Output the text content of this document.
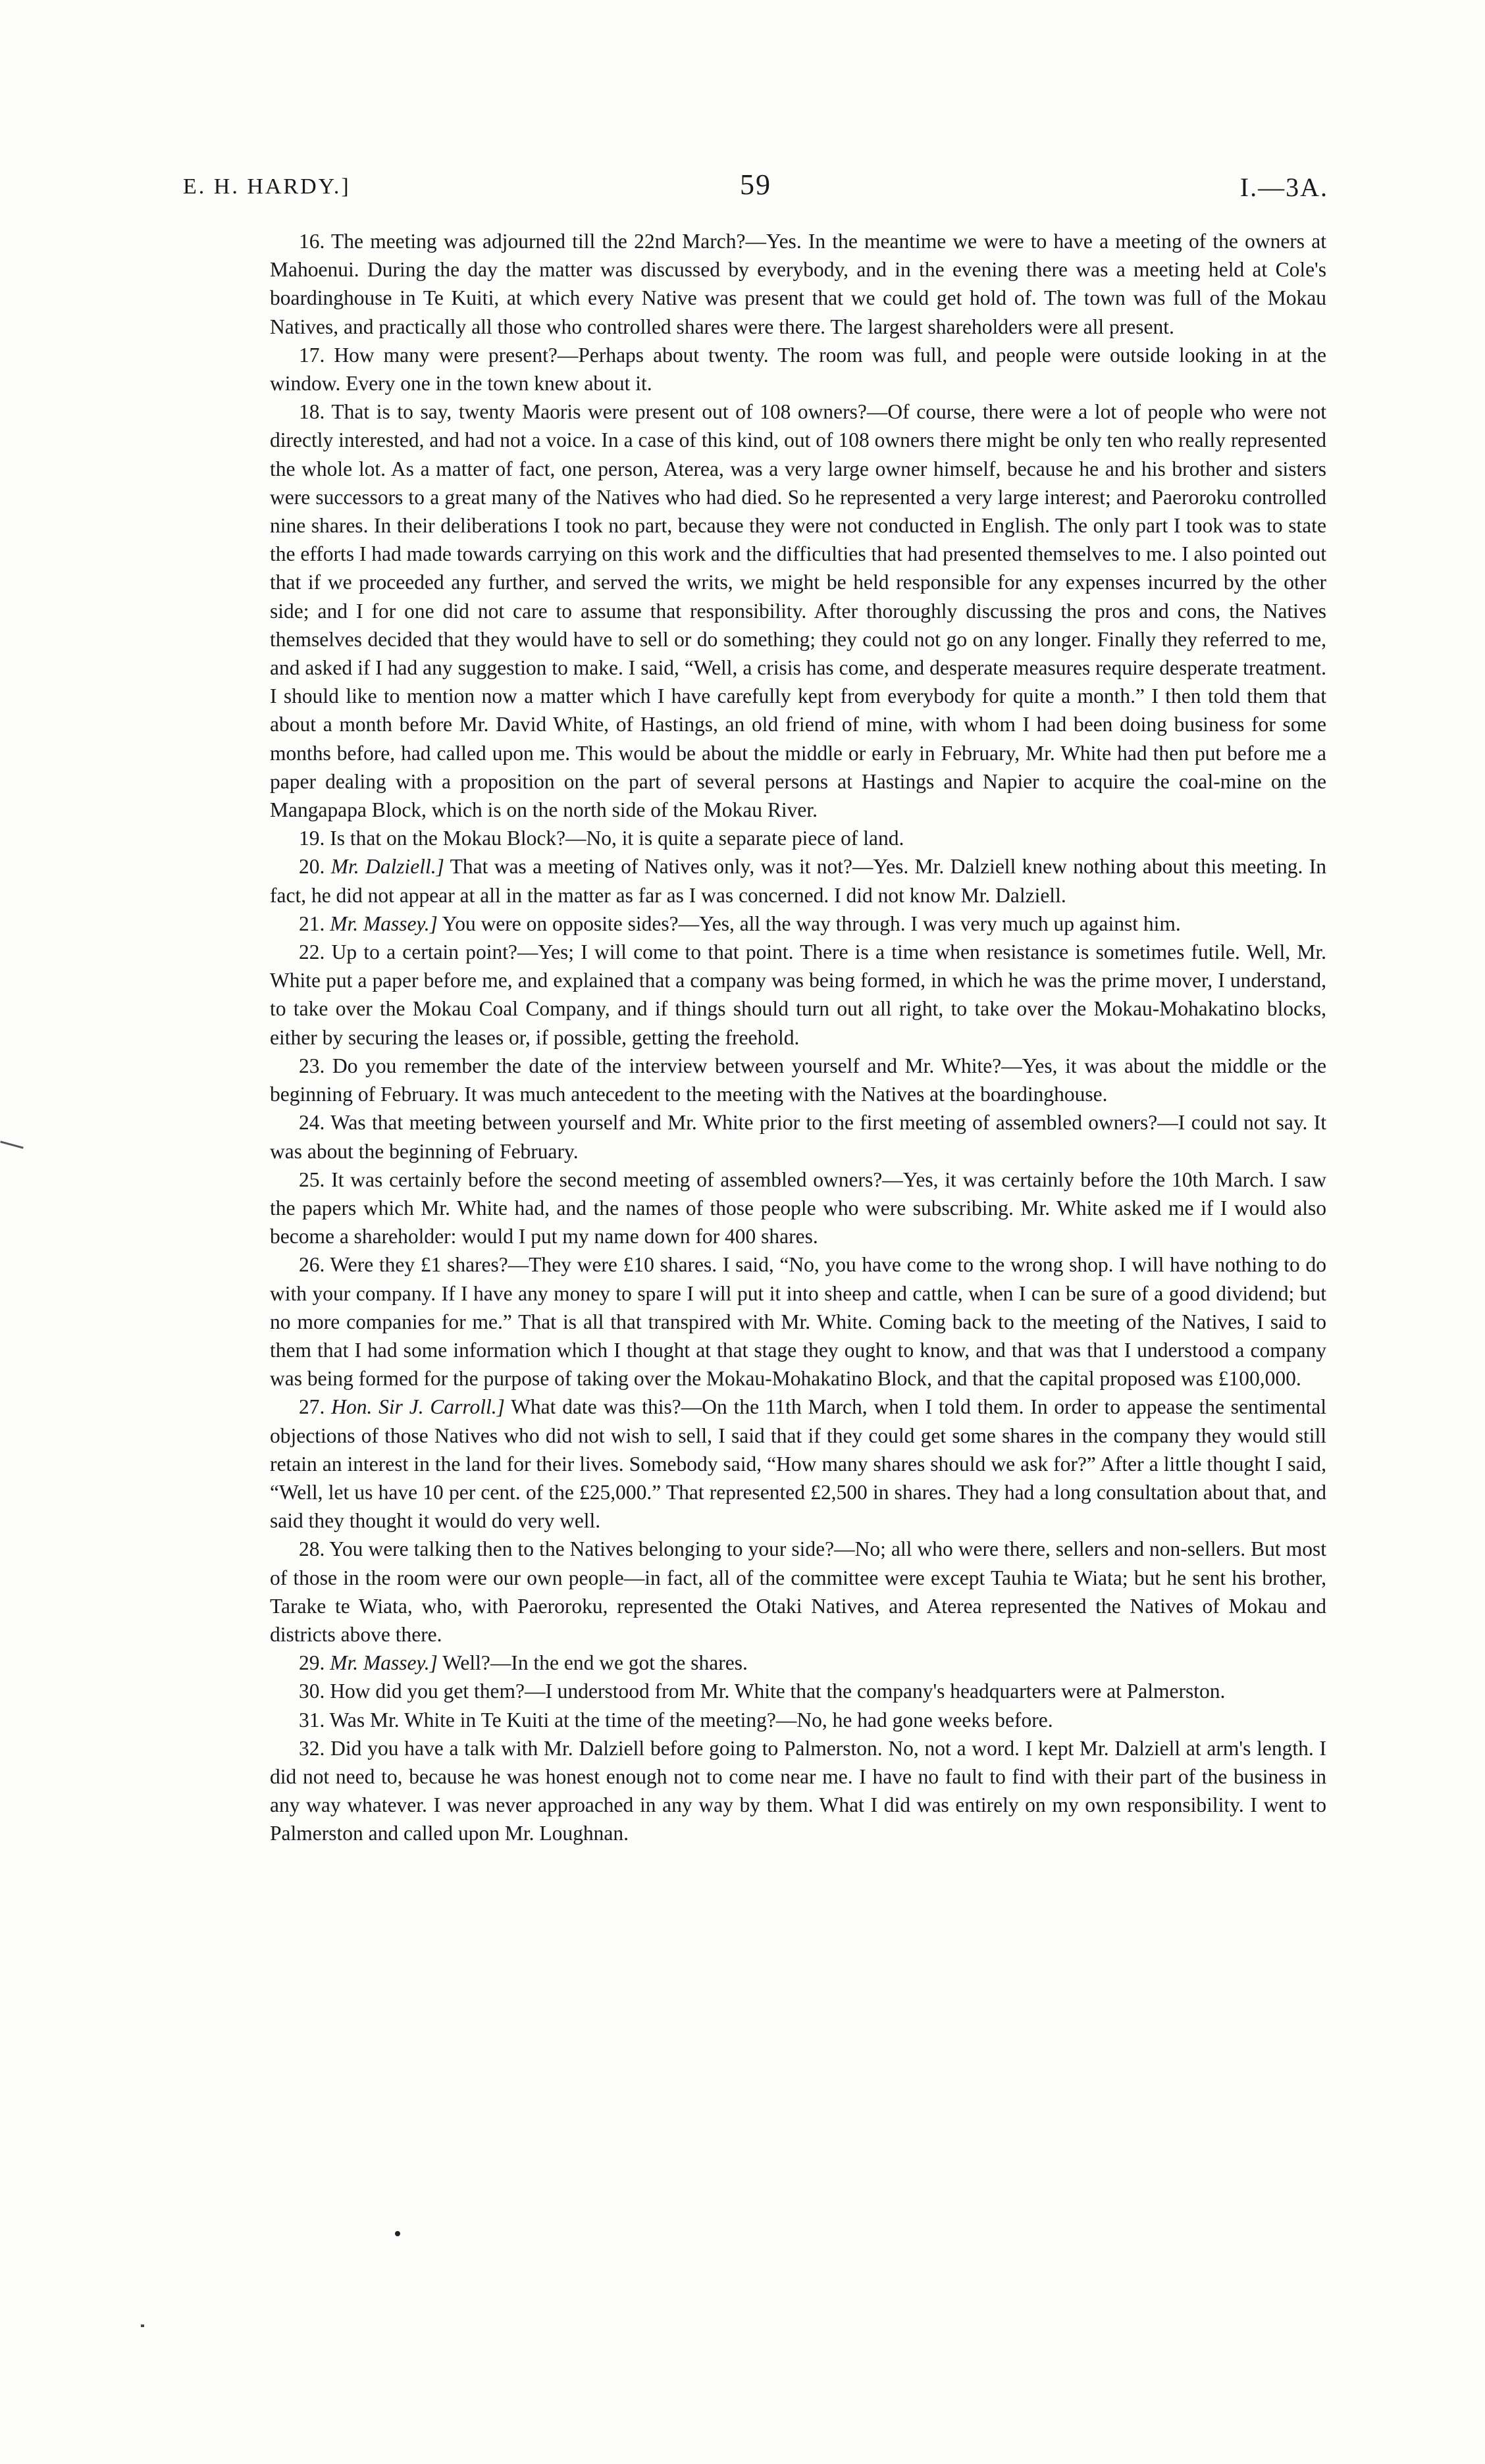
E. H. HARDY.]	59	I.—3A.

16. The meeting was adjourned till the 22nd March?—Yes. In the meantime we were to have a meeting of the owners at Mahoenui. During the day the matter was discussed by everybody, and in the evening there was a meeting held at Cole's boardinghouse in Te Kuiti, at which every Native was present that we could get hold of. The town was full of the Mokau Natives, and practically all those who controlled shares were there. The largest shareholders were all present.

17. How many were present?—Perhaps about twenty. The room was full, and people were outside looking in at the window. Every one in the town knew about it.

18. That is to say, twenty Maoris were present out of 108 owners?—Of course, there were a lot of people who were not directly interested, and had not a voice. In a case of this kind, out of 108 owners there might be only ten who really represented the whole lot. As a matter of fact, one person, Aterea, was a very large owner himself, because he and his brother and sisters were successors to a great many of the Natives who had died. So he represented a very large interest; and Paeroroku controlled nine shares. In their deliberations I took no part, because they were not conducted in English. The only part I took was to state the efforts I had made towards carrying on this work and the difficulties that had presented themselves to me. I also pointed out that if we proceeded any further, and served the writs, we might be held responsible for any expenses incurred by the other side; and I for one did not care to assume that responsibility. After thoroughly discussing the pros and cons, the Natives themselves decided that they would have to sell or do something; they could not go on any longer. Finally they referred to me, and asked if I had any suggestion to make. I said, “Well, a crisis has come, and desperate measures require desperate treatment. I should like to mention now a matter which I have carefully kept from everybody for quite a month.” I then told them that about a month before Mr. David White, of Hastings, an old friend of mine, with whom I had been doing business for some months before, had called upon me. This would be about the middle or early in February, Mr. White had then put before me a paper dealing with a proposition on the part of several persons at Hastings and Napier to acquire the coal-mine on the Mangapapa Block, which is on the north side of the Mokau River.

19. Is that on the Mokau Block?—No, it is quite a separate piece of land.

20. Mr. Dalziell.] That was a meeting of Natives only, was it not?—Yes. Mr. Dalziell knew nothing about this meeting. In fact, he did not appear at all in the matter as far as I was concerned. I did not know Mr. Dalziell.

21. Mr. Massey.] You were on opposite sides?—Yes, all the way through. I was very much up against him.

22. Up to a certain point?—Yes; I will come to that point. There is a time when resistance is sometimes futile. Well, Mr. White put a paper before me, and explained that a company was being formed, in which he was the prime mover, I understand, to take over the Mokau Coal Company, and if things should turn out all right, to take over the Mokau-Mohakatino blocks, either by securing the leases or, if possible, getting the freehold.

23. Do you remember the date of the interview between yourself and Mr. White?—Yes, it was about the middle or the beginning of February. It was much antecedent to the meeting with the Natives at the boardinghouse.

24. Was that meeting between yourself and Mr. White prior to the first meeting of assembled owners?—I could not say. It was about the beginning of February.

25. It was certainly before the second meeting of assembled owners?—Yes, it was certainly before the 10th March. I saw the papers which Mr. White had, and the names of those people who were subscribing. Mr. White asked me if I would also become a shareholder: would I put my name down for 400 shares.

26. Were they £1 shares?—They were £10 shares. I said, “No, you have come to the wrong shop. I will have nothing to do with your company. If I have any money to spare I will put it into sheep and cattle, when I can be sure of a good dividend; but no more companies for me.” That is all that transpired with Mr. White. Coming back to the meeting of the Natives, I said to them that I had some information which I thought at that stage they ought to know, and that was that I understood a company was being formed for the purpose of taking over the Mokau-Mohakatino Block, and that the capital proposed was £100,000.

27. Hon. Sir J. Carroll.] What date was this?—On the 11th March, when I told them. In order to appease the sentimental objections of those Natives who did not wish to sell, I said that if they could get some shares in the company they would still retain an interest in the land for their lives. Somebody said, “How many shares should we ask for?” After a little thought I said, “Well, let us have 10 per cent. of the £25,000.” That represented £2,500 in shares. They had a long consultation about that, and said they thought it would do very well.

28. You were talking then to the Natives belonging to your side?—No; all who were there, sellers and non-sellers. But most of those in the room were our own people—in fact, all of the committee were except Tauhia te Wiata; but he sent his brother, Tarake te Wiata, who, with Paeroroku, represented the Otaki Natives, and Aterea represented the Natives of Mokau and districts above there.

29. Mr. Massey.] Well?—In the end we got the shares.

30. How did you get them?—I understood from Mr. White that the company's headquarters were at Palmerston.

31. Was Mr. White in Te Kuiti at the time of the meeting?—No, he had gone weeks before.

32. Did you have a talk with Mr. Dalziell before going to Palmerston. No, not a word. I kept Mr. Dalziell at arm's length. I did not need to, because he was honest enough not to come near me. I have no fault to find with their part of the business in any way whatever. I was never approached in any way by them. What I did was entirely on my own responsibility. I went to Palmerston and called upon Mr. Loughnan.
